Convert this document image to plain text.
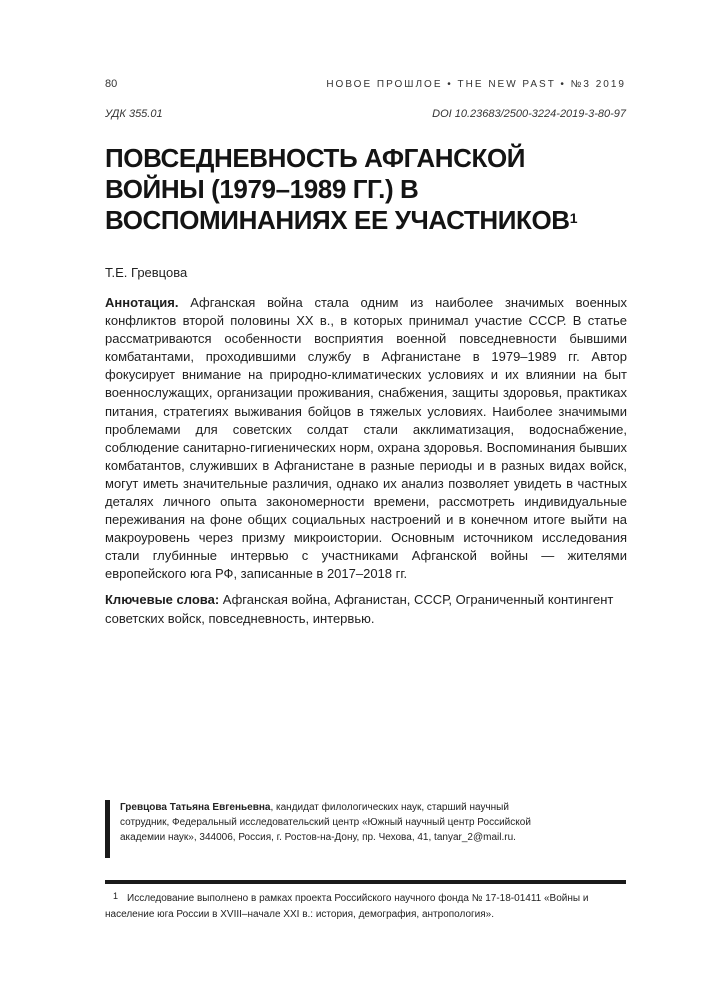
80	НОВОЕ ПРОШЛОЕ • THE NEW PAST • №3 2019
УДК 355.01	DOI 10.23683/2500-3224-2019-3-80-97
ПОВСЕДНЕВНОСТЬ АФГАНСКОЙ ВОЙНЫ (1979–1989 ГГ.) В ВОСПОМИНАНИЯХ ЕЕ УЧАСТНИКОВ$^1$
Т.Е. Гревцова
Аннотация. Афганская война стала одним из наиболее значимых военных конфликтов второй половины XX в., в которых принимал участие СССР. В статье рассматриваются особенности восприятия военной повседневности бывшими комбатантами, проходившими службу в Афганистане в 1979–1989 гг. Автор фокусирует внимание на природно-климатических условиях и их влиянии на быт военнослужащих, организации проживания, снабжения, защиты здоровья, практиках питания, стратегиях выживания бойцов в тяжелых условиях. Наиболее значимыми проблемами для советских солдат стали акклиматизация, водоснабжение, соблюдение санитарно-гигиенических норм, охрана здоровья. Воспоминания бывших комбатантов, служивших в Афганистане в разные периоды и в разных видах войск, могут иметь значительные различия, однако их анализ позволяет увидеть в частных деталях личного опыта закономерности времени, рассмотреть индивидуальные переживания на фоне общих социальных настроений и в конечном итоге выйти на макроуровень через призму микроистории. Основным источником исследования стали глубинные интервью с участниками Афганской войны — жителями европейского юга РФ, записанные в 2017–2018 гг.
Ключевые слова: Афганская война, Афганистан, СССР, Ограниченный контингент советских войск, повседневность, интервью.
Гревцова Татьяна Евгеньевна, кандидат филологических наук, старший научный сотрудник, Федеральный исследовательский центр «Южный научный центр Российской академии наук», 344006, Россия, г. Ростов-на-Дону, пр. Чехова, 41, tanyar_2@mail.ru.
1 Исследование выполнено в рамках проекта Российского научного фонда № 17-18-01411 «Войны и население юга России в XVIII–начале XXI в.: история, демография, антропология».
